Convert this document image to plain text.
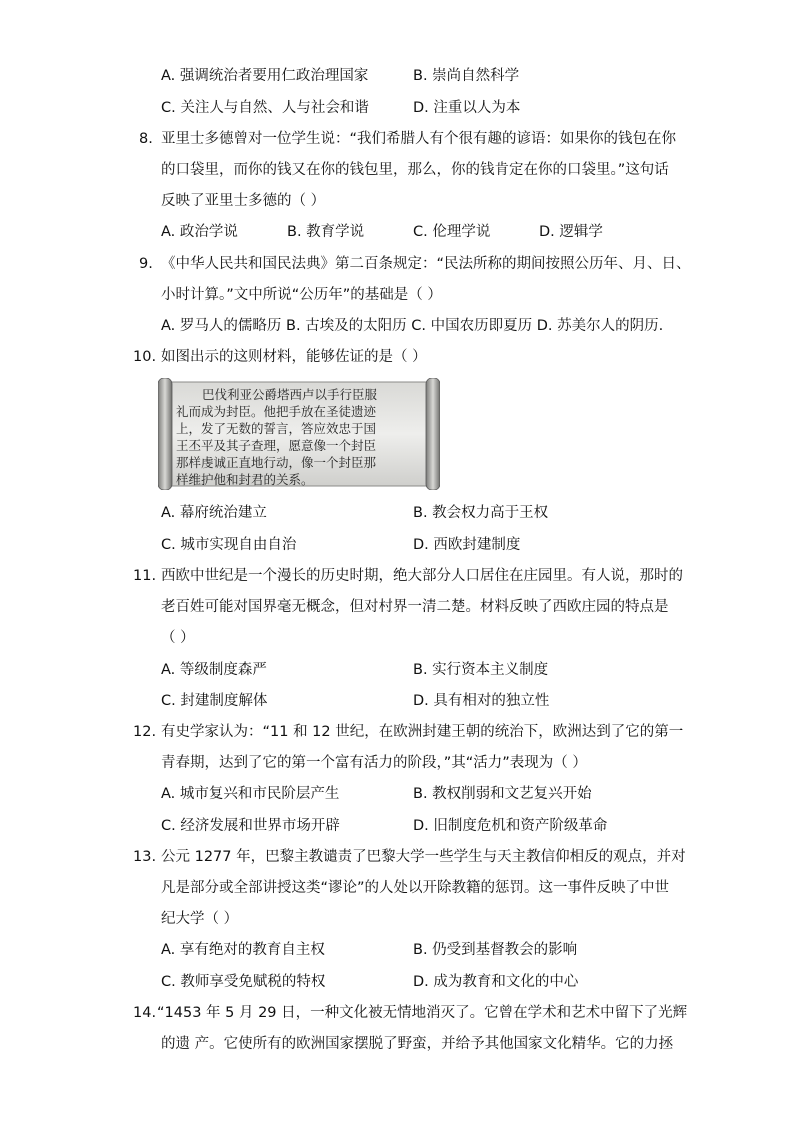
A. 强调统治者要用仁政治理国家	B. 崇尚自然科学
C. 关注人与自然、人与社会和谐	D. 注重以人为本
8. 亚里士多德曾对一位学生说：“我们希腊人有个很有趣的谚语：如果你的钱包在你
的口袋里，而你的钱又在你的钱包里，那么，你的钱肯定在你的口袋里。”这句话
反映了亚里士多德的（ ）
A. 政治学说	B. 教育学说	C. 伦理学说	D. 逻辑学
9. 《中华人民共和国民法典》第二百条规定：“民法所称的期间按照公历年、月、日、
小时计算。”文中所说“公历年”的基础是（ ）
A. 罗马人的儒略历 B. 古埃及的太阳历 C. 中国农历即夏历 D. 苏美尔人的阴历.
10. 如图出示的这则材料，能够佐证的是（ ）
巴伐利亚公爵塔西卢以手行臣服
礼而成为封臣。他把手放在圣徒遗迹
上，发了无数的誓言，答应效忠于国
王丕平及其子查理，愿意像一个封臣
那样虔诚正直地行动，像一个封臣那
样维护他和封君的关系。
A. 幕府统治建立	B. 教会权力高于王权
C. 城市实现自由自治	D. 西欧封建制度
11. 西欧中世纪是一个漫长的历史时期，绝大部分人口居住在庄园里。有人说，那时的
老百姓可能对国界毫无概念，但对村界一清二楚。材料反映了西欧庄园的特点是
（ ）
A. 等级制度森严	B. 实行资本主义制度
C. 封建制度解体	D. 具有相对的独立性
12. 有史学家认为：“11 和 12 世纪，在欧洲封建王朝的统治下，欧洲达到了它的第一
青春期，达到了它的第一个富有活力的阶段，”其“活力”表现为（ ）
A. 城市复兴和市民阶层产生	B. 教权削弱和文艺复兴开始
C. 经济发展和世界市场开辟	D. 旧制度危机和资产阶级革命
13. 公元 1277 年，巴黎主教谴责了巴黎大学一些学生与天主教信仰相反的观点，并对
凡是部分或全部讲授这类“谬论”的人处以开除教籍的惩罚。这一事件反映了中世
纪大学（ ）
A. 享有绝对的教育自主权	B. 仍受到基督教会的影响
C. 教师享受免赋税的特权	D. 成为教育和文化的中心
14. “1453 年 5 月 29 日，一种文化被无情地消灭了。它曾在学术和艺术中留下了光辉
的遗 产。它使所有的欧洲国家摆脱了野蛮，并给予其他国家文化精华。它的力拯
